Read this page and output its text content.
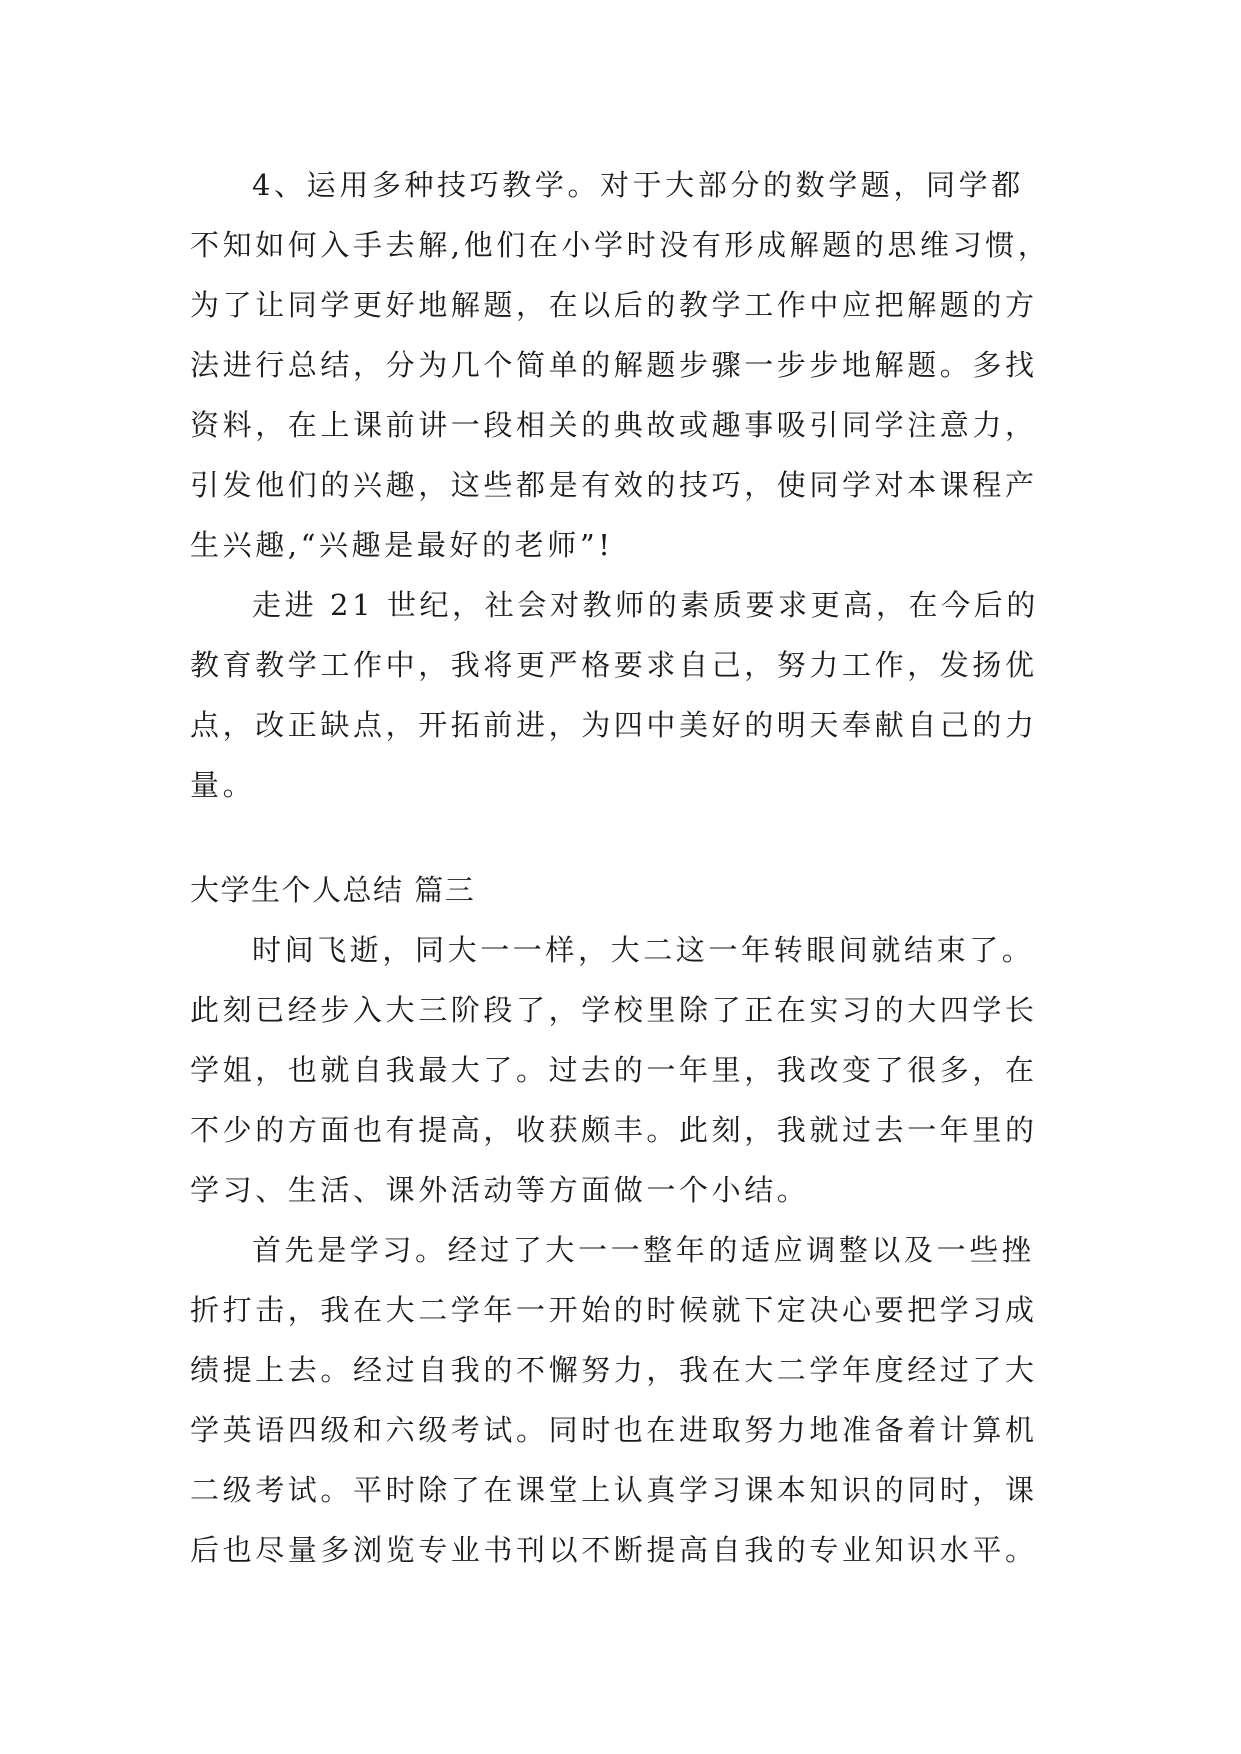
4、运用多种技巧教学。对于大部分的数学题，同学都
不知如何入手去解,他们在小学时没有形成解题的思维习惯，
为了让同学更好地解题，在以后的教学工作中应把解题的方
法进行总结，分为几个简单的解题步骤一步步地解题。多找
资料，在上课前讲一段相关的典故或趣事吸引同学注意力，
引发他们的兴趣，这些都是有效的技巧，使同学对本课程产
生兴趣,“兴趣是最好的老师”!
走进 21 世纪，社会对教师的素质要求更高，在今后的
教育教学工作中，我将更严格要求自己，努力工作，发扬优
点，改正缺点，开拓前进，为四中美好的明天奉献自己的力
量。
大学生个人总结 篇三
时间飞逝，同大一一样，大二这一年转眼间就结束了。
此刻已经步入大三阶段了，学校里除了正在实习的大四学长
学姐，也就自我最大了。过去的一年里，我改变了很多，在
不少的方面也有提高，收获颇丰。此刻，我就过去一年里的
学习、生活、课外活动等方面做一个小结。
首先是学习。经过了大一一整年的适应调整以及一些挫
折打击，我在大二学年一开始的时候就下定决心要把学习成
绩提上去。经过自我的不懈努力，我在大二学年度经过了大
学英语四级和六级考试。同时也在进取努力地准备着计算机
二级考试。平时除了在课堂上认真学习课本知识的同时，课
后也尽量多浏览专业书刊以不断提高自我的专业知识水平。
